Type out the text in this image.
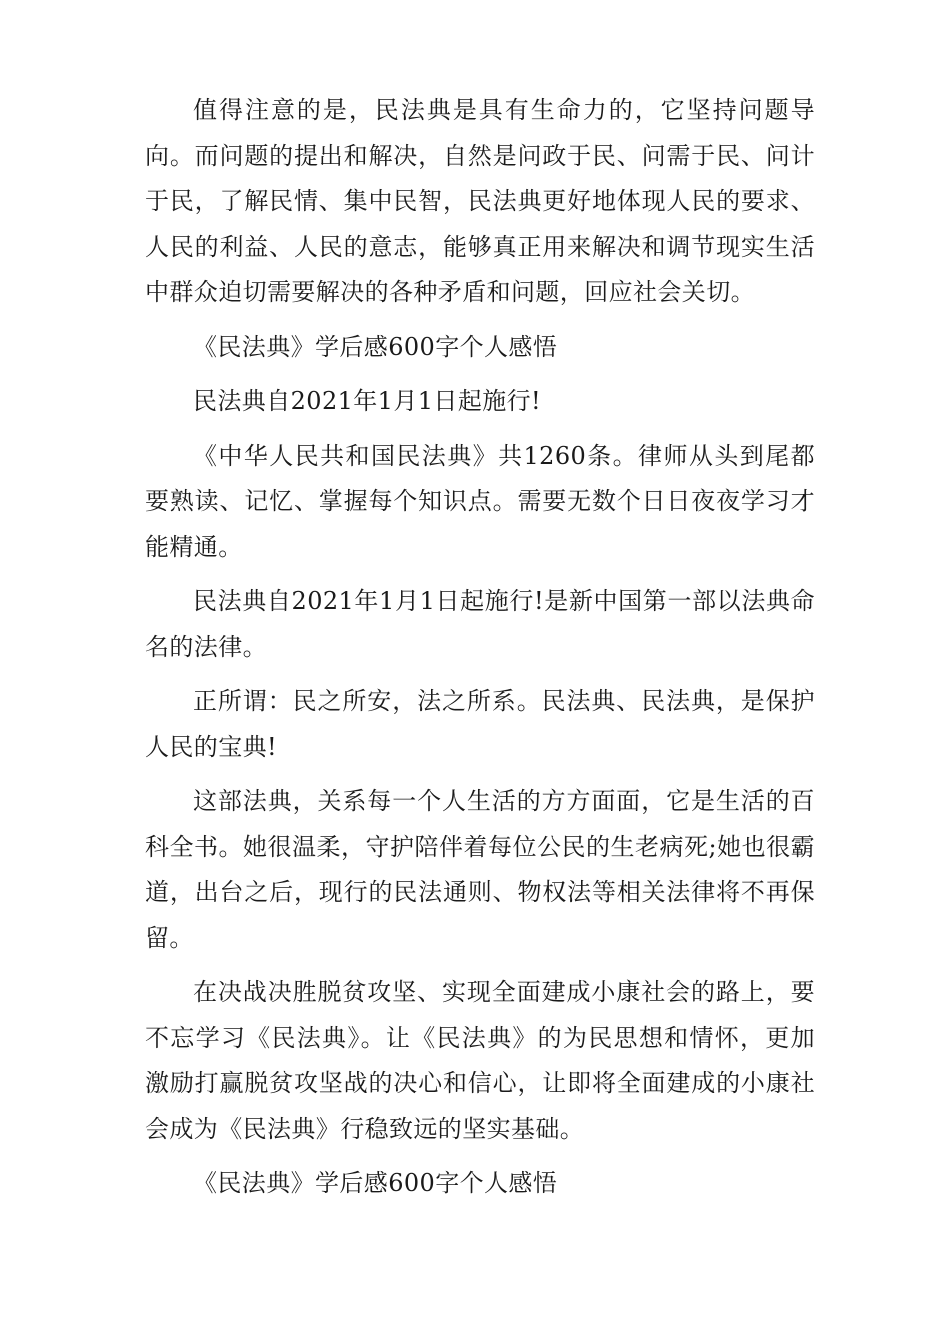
值得注意的是，民法典是具有生命力的，它坚持问题导向。而问题的提出和解决，自然是问政于民、问需于民、问计于民，了解民情、集中民智，民法典更好地体现人民的要求、人民的利益、人民的意志，能够真正用来解决和调节现实生活中群众迫切需要解决的各种矛盾和问题，回应社会关切。

《民法典》学后感600字个人感悟

民法典自2021年1月1日起施行!

《中华人民共和国民法典》共1260条。律师从头到尾都要熟读、记忆、掌握每个知识点。需要无数个日日夜夜学习才能精通。

民法典自2021年1月1日起施行!是新中国第一部以法典命名的法律。

正所谓：民之所安，法之所系。民法典、民法典，是保护人民的宝典!

这部法典，关系每一个人生活的方方面面，它是生活的百科全书。她很温柔，守护陪伴着每位公民的生老病死;她也很霸道，出台之后，现行的民法通则、物权法等相关法律将不再保留。

在决战决胜脱贫攻坚、实现全面建成小康社会的路上，要不忘学习《民法典》。让《民法典》的为民思想和情怀，更加激励打赢脱贫攻坚战的决心和信心，让即将全面建成的小康社会成为《民法典》行稳致远的坚实基础。

《民法典》学后感600字个人感悟
